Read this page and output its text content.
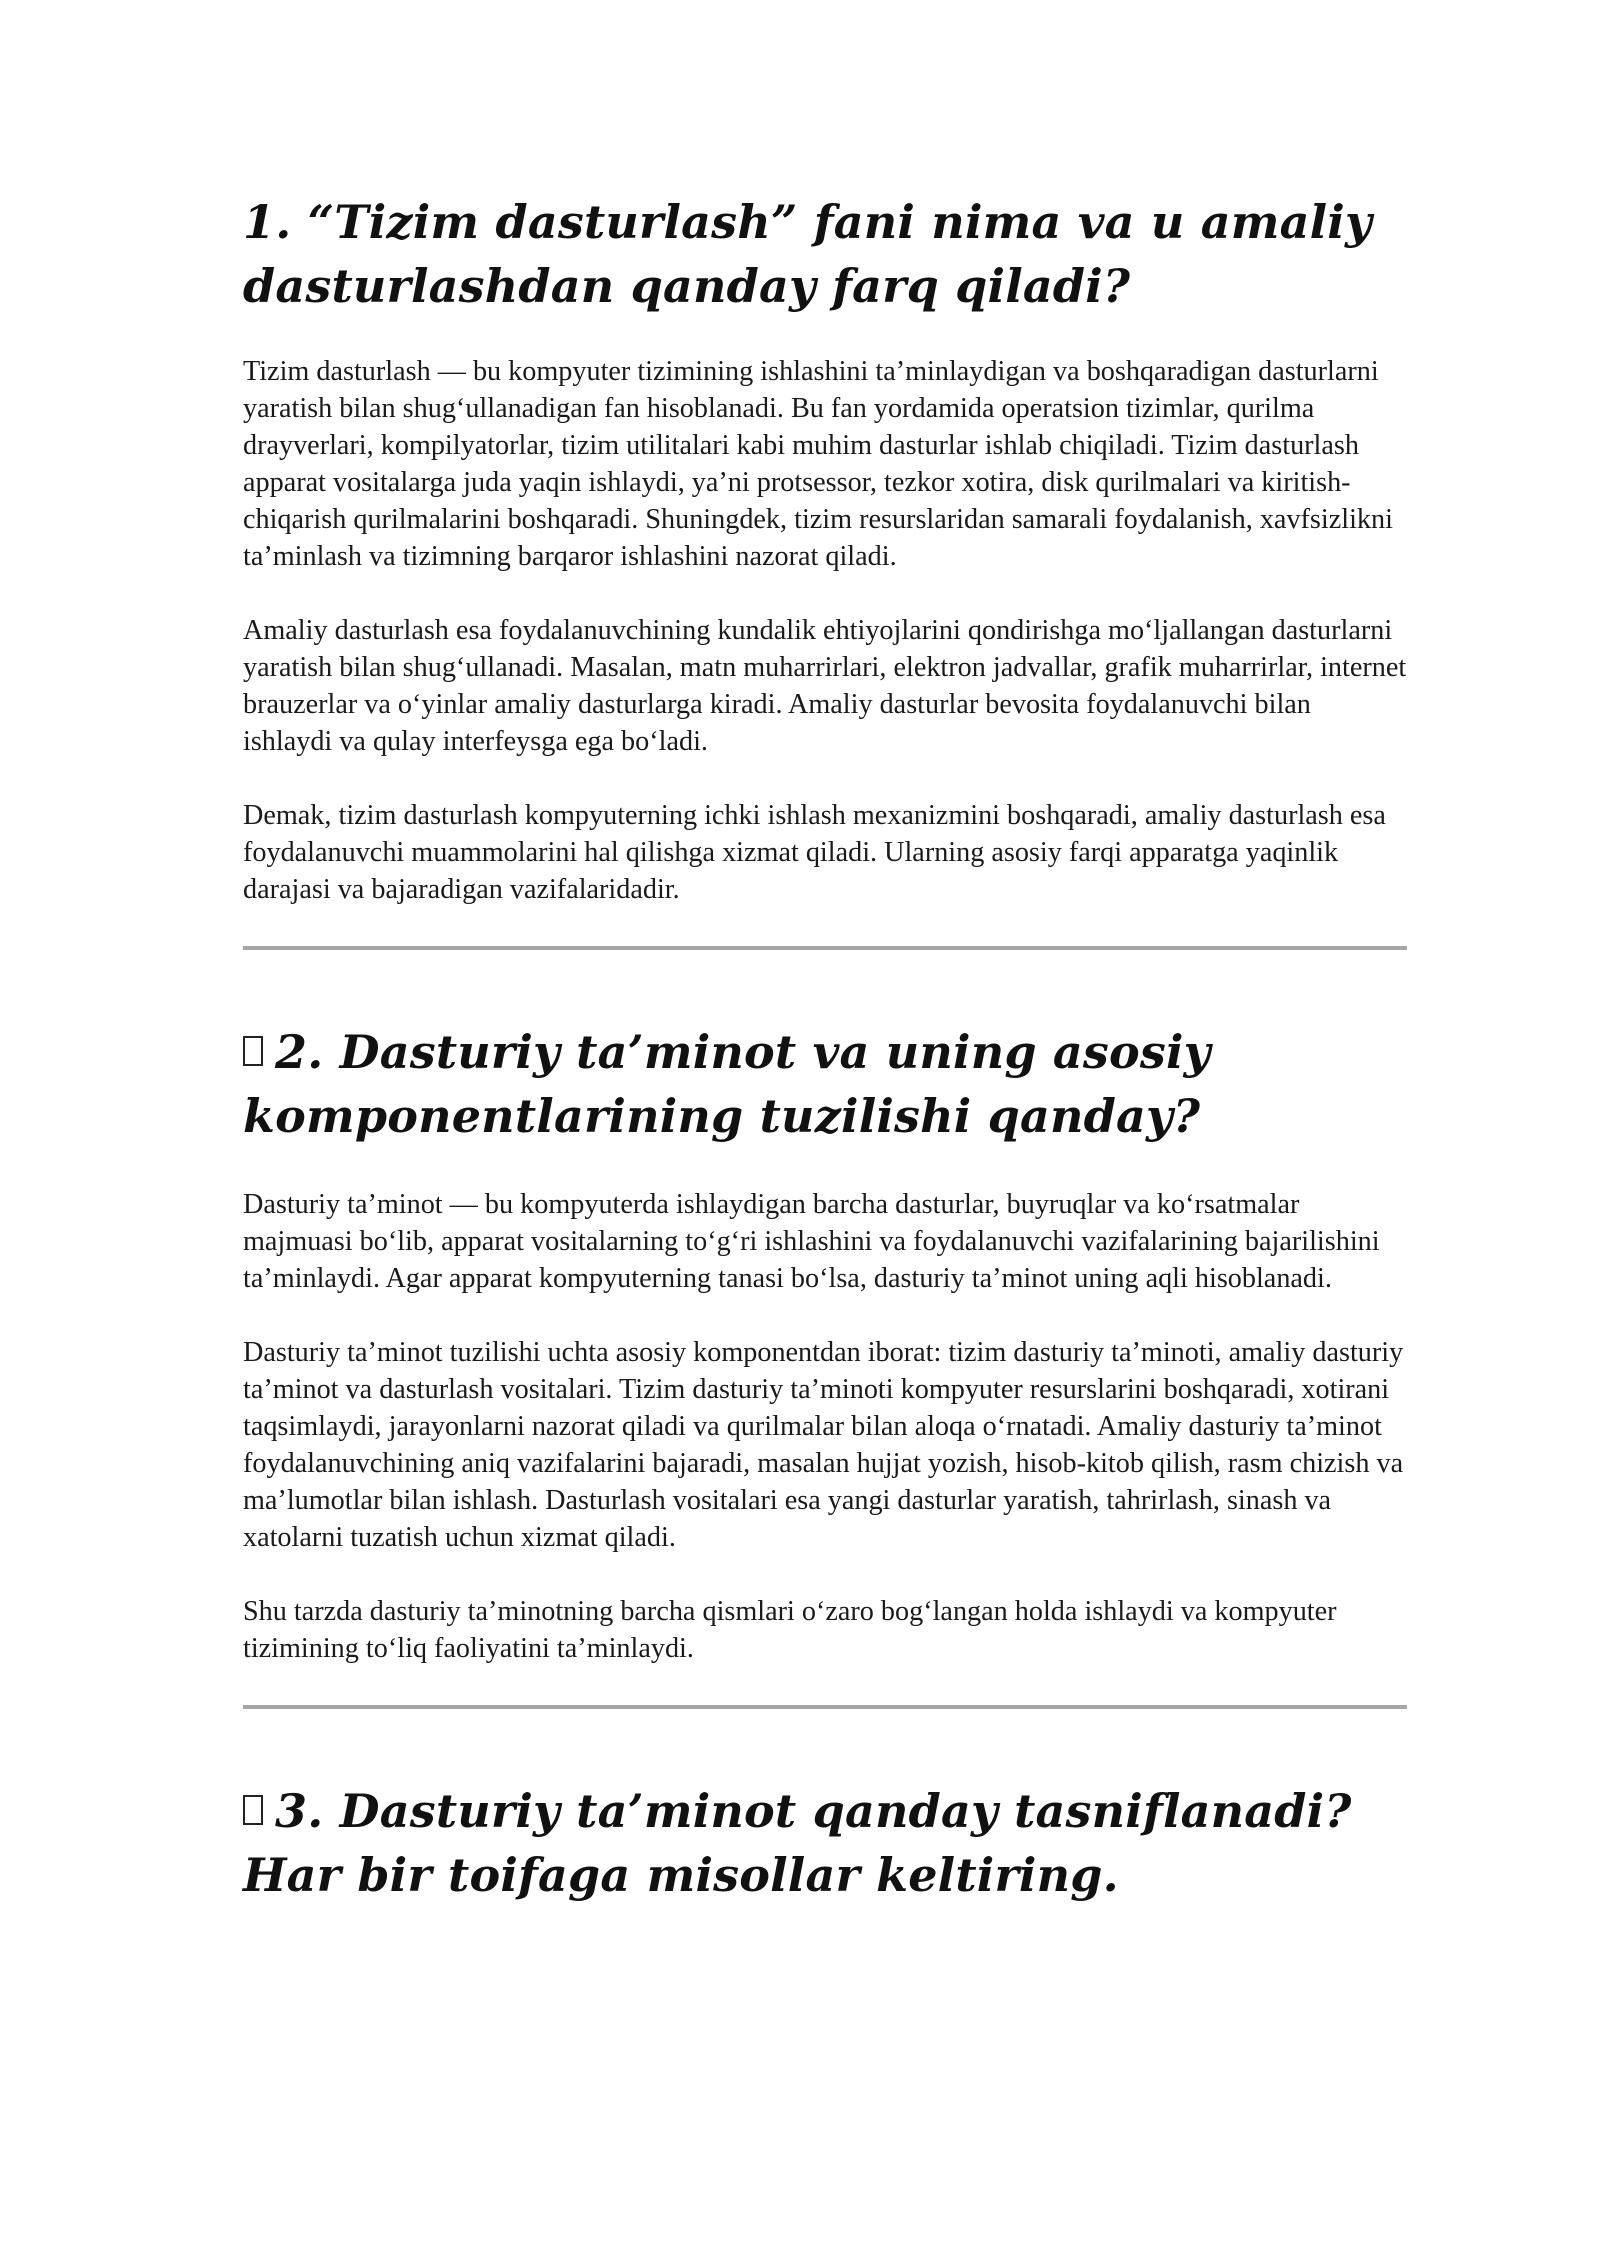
1. “Tizim dasturlash” fani nima va u amaliy dasturlashdan qanday farq qiladi?

Tizim dasturlash — bu kompyuter tizimining ishlashini ta’minlaydigan va boshqaradigan dasturlarni yaratish bilan shug‘ullanadigan fan hisoblanadi. Bu fan yordamida operatsion tizimlar, qurilma drayverlari, kompilyatorlar, tizim utilitalari kabi muhim dasturlar ishlab chiqiladi. Tizim dasturlash apparat vositalarga juda yaqin ishlaydi, ya’ni protsessor, tezkor xotira, disk qurilmalari va kiritish-chiqarish qurilmalarini boshqaradi. Shuningdek, tizim resurslaridan samarali foydalanish, xavfsizlikni ta’minlash va tizimning barqaror ishlashini nazorat qiladi.

Amaliy dasturlash esa foydalanuvchining kundalik ehtiyojlarini qondirishga mo‘ljallangan dasturlarni yaratish bilan shug‘ullanadi. Masalan, matn muharrirlari, elektron jadvallar, grafik muharrirlar, internet brauzerlar va o‘yinlar amaliy dasturlarga kiradi. Amaliy dasturlar bevosita foydalanuvchi bilan ishlaydi va qulay interfeysga ega bo‘ladi.

Demak, tizim dasturlash kompyuterning ichki ishlash mexanizmini boshqaradi, amaliy dasturlash esa foydalanuvchi muammolarini hal qilishga xizmat qiladi. Ularning asosiy farqi apparatga yaqinlik darajasi va bajaradigan vazifalaridadir.

2. Dasturiy ta’minot va uning asosiy komponentlarining tuzilishi qanday?

Dasturiy ta’minot — bu kompyuterda ishlaydigan barcha dasturlar, buyruqlar va ko‘rsatmalar majmuasi bo‘lib, apparat vositalarning to‘g‘ri ishlashini va foydalanuvchi vazifalarining bajarilishini ta’minlaydi. Agar apparat kompyuterning tanasi bo‘lsa, dasturiy ta’minot uning aqli hisoblanadi.

Dasturiy ta’minot tuzilishi uchta asosiy komponentdan iborat: tizim dasturiy ta’minoti, amaliy dasturiy ta’minot va dasturlash vositalari. Tizim dasturiy ta’minoti kompyuter resurslarini boshqaradi, xotirani taqsimlaydi, jarayonlarni nazorat qiladi va qurilmalar bilan aloqa o‘rnatadi. Amaliy dasturiy ta’minot foydalanuvchining aniq vazifalarini bajaradi, masalan hujjat yozish, hisob-kitob qilish, rasm chizish va ma’lumotlar bilan ishlash. Dasturlash vositalari esa yangi dasturlar yaratish, tahrirlash, sinash va xatolarni tuzatish uchun xizmat qiladi.

Shu tarzda dasturiy ta’minotning barcha qismlari o‘zaro bog‘langan holda ishlaydi va kompyuter tizimining to‘liq faoliyatini ta’minlaydi.

3. Dasturiy ta’minot qanday tasniflanadi? Har bir toifaga misollar keltiring.
